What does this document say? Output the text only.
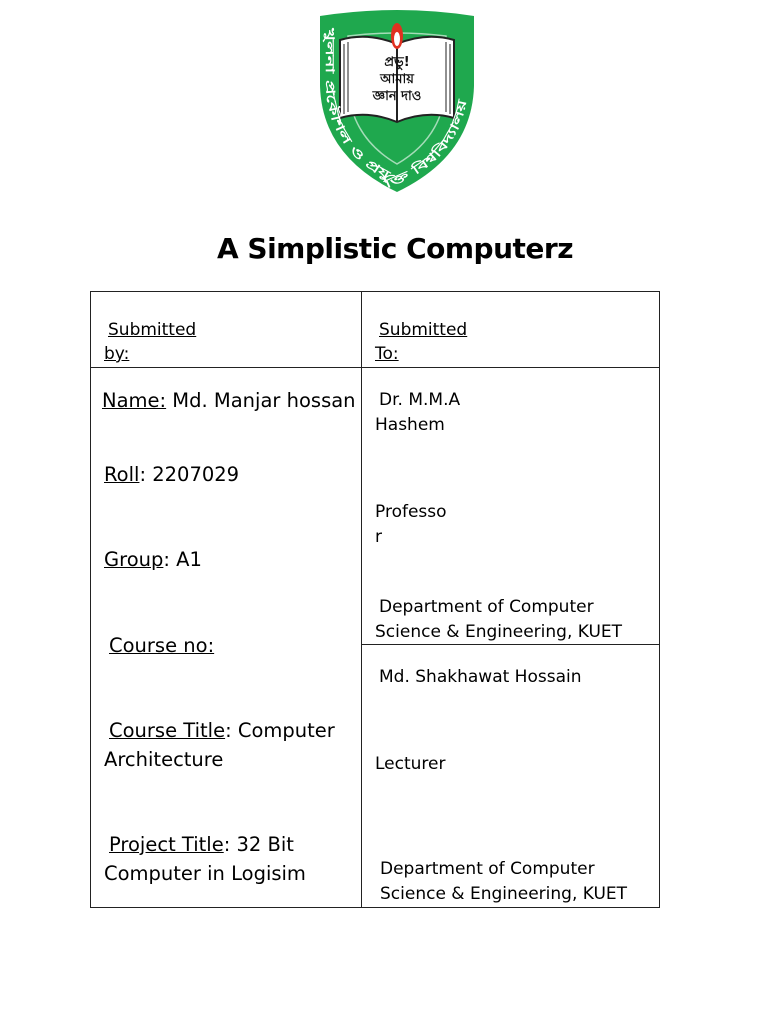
প্রভু!
আমায়
জ্ঞান দাও
খুলনা প্রকৌশল ও প্রযুক্তি বিশ্ববিদ্যালয়
A Simplistic Computerz
Submitted
by:
Submitted
To:
Name: Md. Manjar hossan
Roll: 2207029
Group: A1
Course no:
Course Title: Computer
Architecture
Project Title: 32 Bit
Computer in Logisim
Dr. M.M.A
Hashem
Professo
r
Department of Computer
Science & Engineering, KUET
Md. Shakhawat Hossain
Lecturer
Department of Computer
Science & Engineering, KUET
